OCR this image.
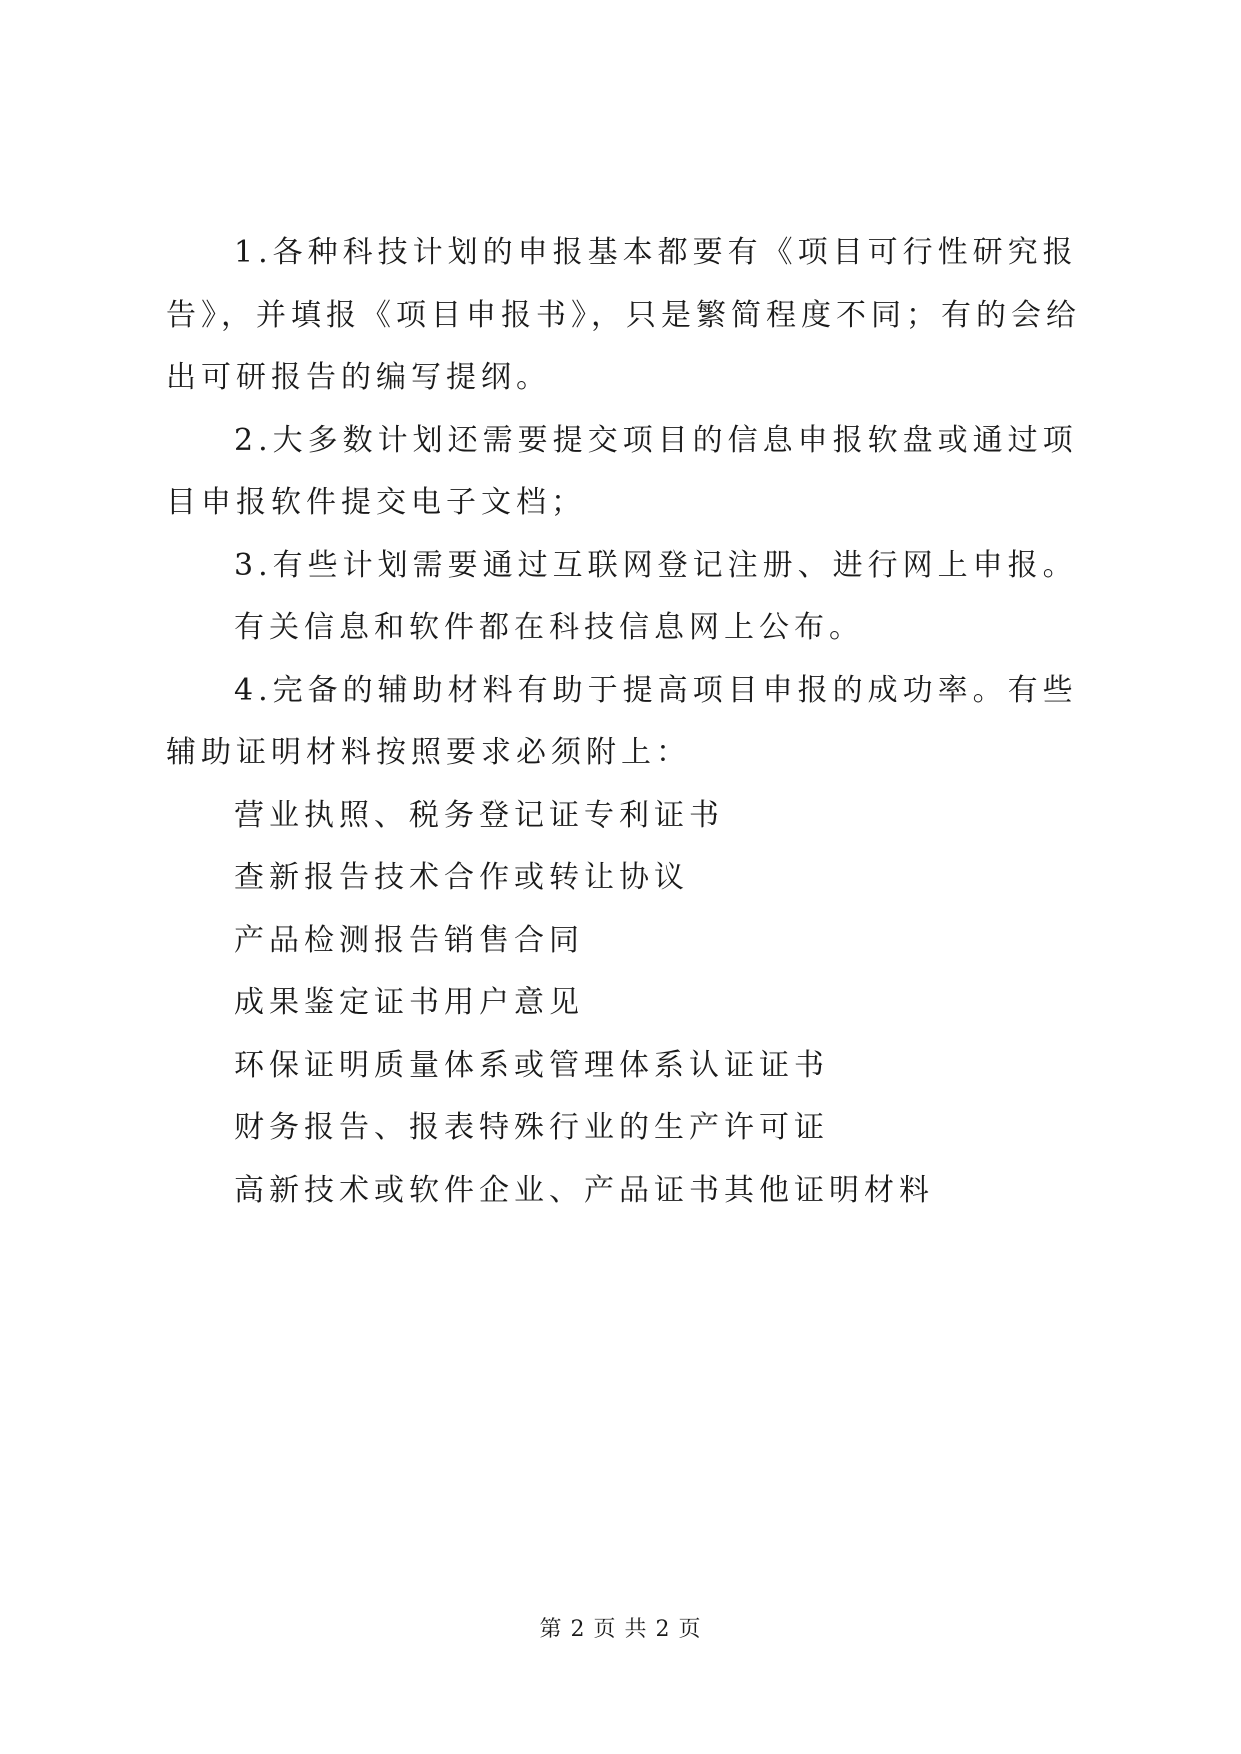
1.各种科技计划的申报基本都要有《项目可行性研究报告》，并填报《项目申报书》，只是繁简程度不同；有的会给出可研报告的编写提纲。

2.大多数计划还需要提交项目的信息申报软盘或通过项目申报软件提交电子文档；

3.有些计划需要通过互联网登记注册、进行网上申报。

有关信息和软件都在科技信息网上公布。

4.完备的辅助材料有助于提高项目申报的成功率。有些辅助证明材料按照要求必须附上：

营业执照、税务登记证专利证书

查新报告技术合作或转让协议

产品检测报告销售合同

成果鉴定证书用户意见

环保证明质量体系或管理体系认证证书

财务报告、报表特殊行业的生产许可证

高新技术或软件企业、产品证书其他证明材料

第 2 页 共 2 页
